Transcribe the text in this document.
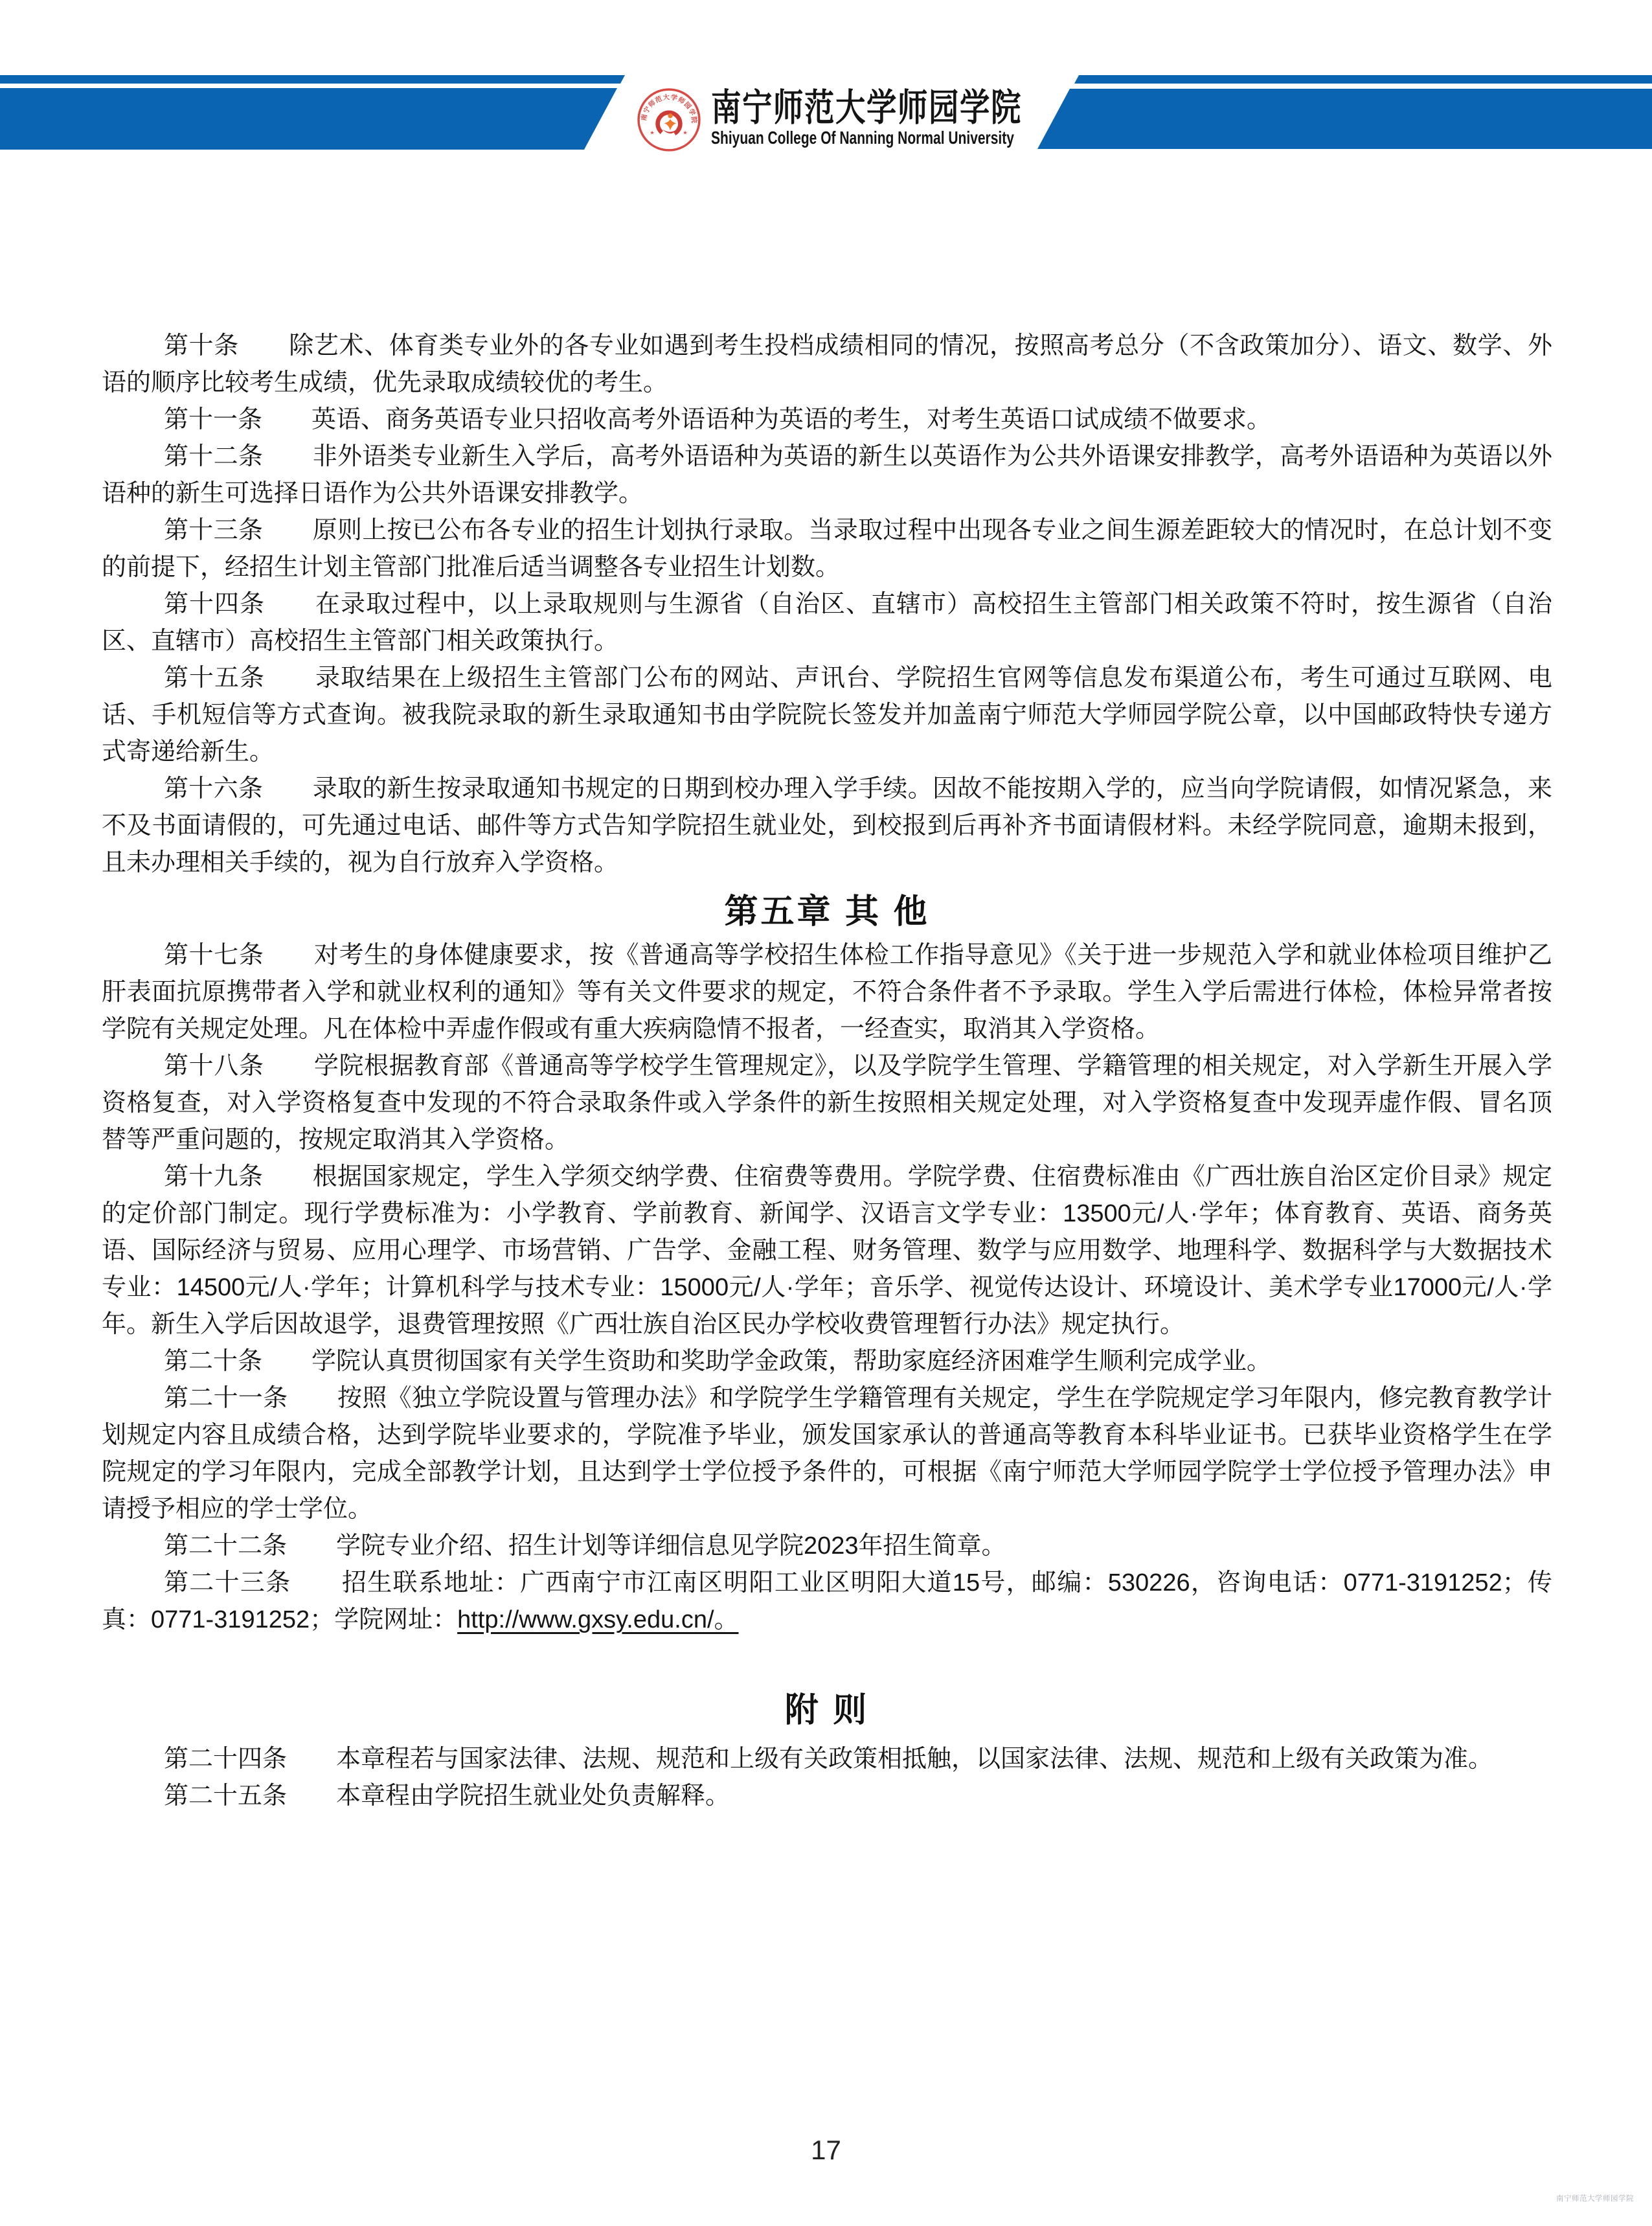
南宁师范大学师园学院
★	★
南宁师范大学师园学院
Shiyuan College Of Nanning Normal University

第十条　　除艺术、体育类专业外的各专业如遇到考生投档成绩相同的情况，按照高考总分（不含政策加分）、语文、数学、外语的顺序比较考生成绩，优先录取成绩较优的考生。

第十一条　　英语、商务英语专业只招收高考外语语种为英语的考生，对考生英语口试成绩不做要求。

第十二条　　非外语类专业新生入学后，高考外语语种为英语的新生以英语作为公共外语课安排教学，高考外语语种为英语以外语种的新生可选择日语作为公共外语课安排教学。

第十三条　　原则上按已公布各专业的招生计划执行录取。当录取过程中出现各专业之间生源差距较大的情况时，在总计划不变的前提下，经招生计划主管部门批准后适当调整各专业招生计划数。

第十四条　　在录取过程中，以上录取规则与生源省（自治区、直辖市）高校招生主管部门相关政策不符时，按生源省（自治区、直辖市）高校招生主管部门相关政策执行。

第十五条　　录取结果在上级招生主管部门公布的网站、声讯台、学院招生官网等信息发布渠道公布，考生可通过互联网、电话、手机短信等方式查询。被我院录取的新生录取通知书由学院院长签发并加盖南宁师范大学师园学院公章，以中国邮政特快专递方式寄递给新生。

第十六条　　录取的新生按录取通知书规定的日期到校办理入学手续。因故不能按期入学的，应当向学院请假，如情况紧急，来不及书面请假的，可先通过电话、邮件等方式告知学院招生就业处，到校报到后再补齐书面请假材料。未经学院同意，逾期未报到，且未办理相关手续的，视为自行放弃入学资格。

第五章 其 他

第十七条　　对考生的身体健康要求，按《普通高等学校招生体检工作指导意见》《关于进一步规范入学和就业体检项目维护乙肝表面抗原携带者入学和就业权利的通知》等有关文件要求的规定，不符合条件者不予录取。学生入学后需进行体检，体检异常者按学院有关规定处理。凡在体检中弄虚作假或有重大疾病隐情不报者，一经查实，取消其入学资格。

第十八条　　学院根据教育部《普通高等学校学生管理规定》，以及学院学生管理、学籍管理的相关规定，对入学新生开展入学资格复查，对入学资格复查中发现的不符合录取条件或入学条件的新生按照相关规定处理，对入学资格复查中发现弄虚作假、冒名顶替等严重问题的，按规定取消其入学资格。

第十九条　　根据国家规定，学生入学须交纳学费、住宿费等费用。学院学费、住宿费标准由《广西壮族自治区定价目录》规定的定价部门制定。现行学费标准为：小学教育、学前教育、新闻学、汉语言文学专业：13500元/人·学年；体育教育、英语、商务英语、国际经济与贸易、应用心理学、市场营销、广告学、金融工程、财务管理、数学与应用数学、地理科学、数据科学与大数据技术专业：14500元/人·学年；计算机科学与技术专业：15000元/人·学年；音乐学、视觉传达设计、环境设计、美术学专业17000元/人·学年。新生入学后因故退学，退费管理按照《广西壮族自治区民办学校收费管理暂行办法》规定执行。

第二十条　　学院认真贯彻国家有关学生资助和奖助学金政策，帮助家庭经济困难学生顺利完成学业。

第二十一条　　按照《独立学院设置与管理办法》和学院学生学籍管理有关规定，学生在学院规定学习年限内，修完教育教学计划规定内容且成绩合格，达到学院毕业要求的，学院准予毕业，颁发国家承认的普通高等教育本科毕业证书。已获毕业资格学生在学院规定的学习年限内，完成全部教学计划，且达到学士学位授予条件的，可根据《南宁师范大学师园学院学士学位授予管理办法》申请授予相应的学士学位。

第二十二条　　学院专业介绍、招生计划等详细信息见学院2023年招生简章。

第二十三条　　招生联系地址：广西南宁市江南区明阳工业区明阳大道15号，邮编：530226，咨询电话：0771-3191252；传真：0771-3191252；学院网址：http://www.gxsy.edu.cn/。

附 则

第二十四条　　本章程若与国家法律、法规、规范和上级有关政策相抵触，以国家法律、法规、规范和上级有关政策为准。

第二十五条　　本章程由学院招生就业处负责解释。

17
南宁师范大学师园学院
